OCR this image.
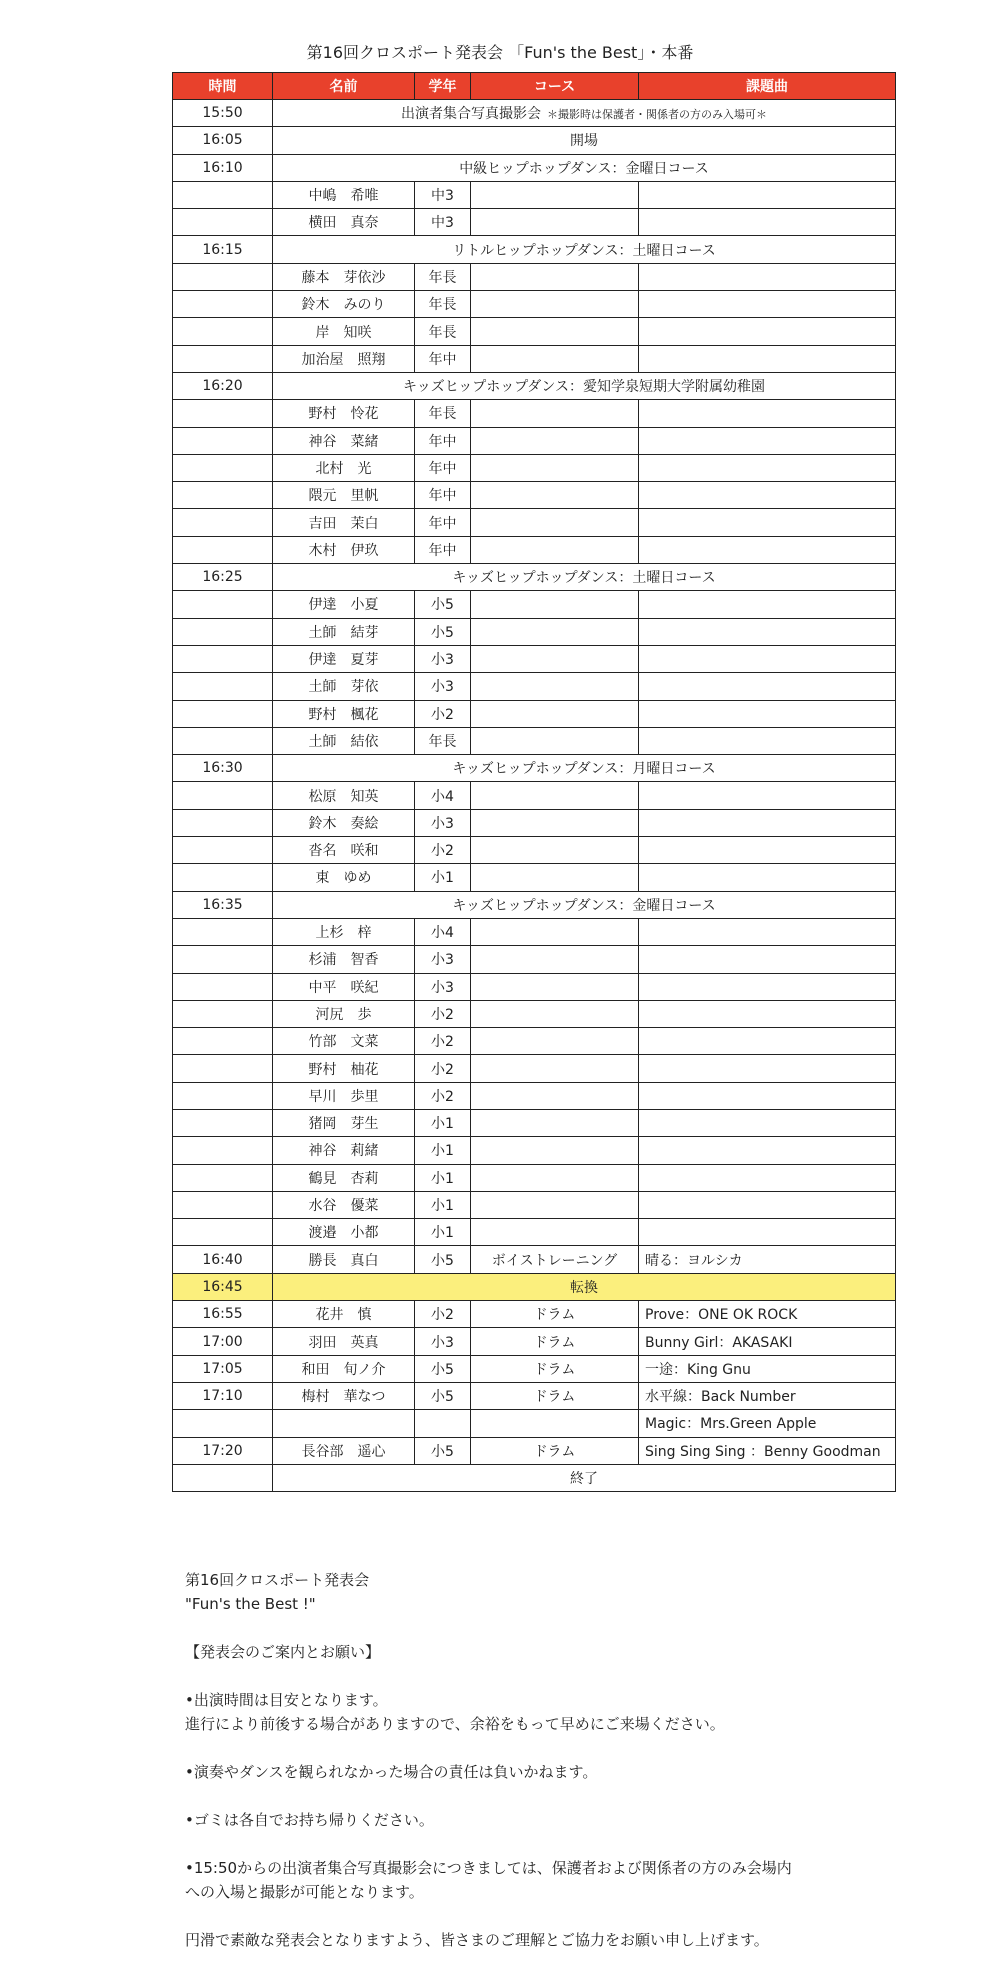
第16回クロスポート発表会 「Fun's the Best」・本番
時間	名前	学年	コース	課題曲
15:50	出演者集合写真撮影会 ＊撮影時は保護者・関係者の方のみ入場可＊			
16:05	開場			
16:10	中級ヒップホップダンス：金曜日コース			
	中嶋　希唯	中3		
	横田　真奈	中3		
16:15	リトルヒップホップダンス：土曜日コース			
	藤本　芽依沙	年長		
	鈴木　みのり	年長		
	岸　知咲	年長		
	加治屋　照翔	年中		
16:20	キッズヒップホップダンス：愛知学泉短期大学附属幼稚園			
	野村　怜花	年長		
	神谷　菜緒	年中		
	北村　光	年中		
	隈元　里帆	年中		
	吉田　茉白	年中		
	木村　伊玖	年中		
16:25	キッズヒップホップダンス：土曜日コース			
	伊達　小夏	小5		
	土師　結芽	小5		
	伊達　夏芽	小3		
	土師　芽依	小3		
	野村　楓花	小2		
	土師　結依	年長		
16:30	キッズヒップホップダンス：月曜日コース			
	松原　知英	小4		
	鈴木　奏絵	小3		
	沓名　咲和	小2		
	東　ゆめ	小1		
16:35	キッズヒップホップダンス：金曜日コース			
	上杉　梓	小4		
	杉浦　智香	小3		
	中平　咲紀	小3		
	河尻　歩	小2		
	竹部　文菜	小2		
	野村　柚花	小2		
	早川　歩里	小2		
	猪岡　芽生	小1		
	神谷　莉緒	小1		
	鶴見　杏莉	小1		
	水谷　優菜	小1		
	渡邉　小都	小1		
16:40	勝長　真白	小5	ボイストレーニング	晴る：ヨルシカ
16:45	転換			
16:55	花井　慎	小2	ドラム	Prove：ONE OK ROCK
17:00	羽田　英真	小3	ドラム	Bunny Girl：AKASAKI
17:05	和田　旬ノ介	小5	ドラム	一途：King Gnu
17:10	梅村　華なつ	小5	ドラム	水平線：Back Number
				Magic：Mrs.Green Apple
17:20	長谷部　遥心	小5	ドラム	Sing Sing Sing ：Benny Goodman
	終了			

第16回クロスポート発表会

"Fun's the Best !"

【発表会のご案内とお願い】

•出演時間は目安となります。

進行により前後する場合がありますので、余裕をもって早めにご来場ください。

•演奏やダンスを観られなかった場合の責任は負いかねます。

•ゴミは各自でお持ち帰りください。

•15:50からの出演者集合写真撮影会につきましては、保護者および関係者の方のみ会場内

への入場と撮影が可能となります。

円滑で素敵な発表会となりますよう、皆さまのご理解とご協力をお願い申し上げます。
